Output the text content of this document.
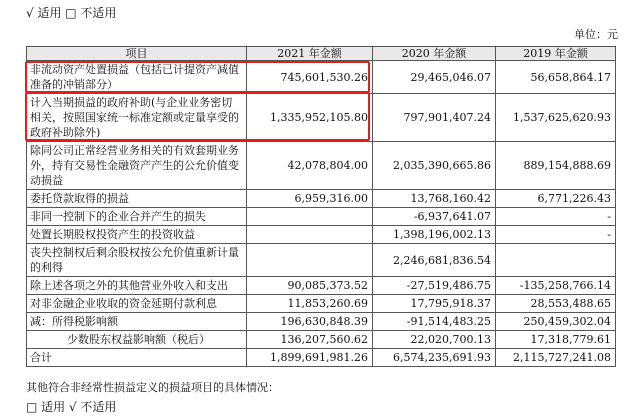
√ 适用 □ 不适用
单位：元
项目	2021 年金额	2020 年金额	2019 年金额
非流动资产处置损益（包括已计提资产减值准备的冲销部分）	745,601,530.26	29,465,046.07	56,658,864.17
计入当期损益的政府补助(与企业业务密切相关，按照国家统一标准定额或定量享受的政府补助除外)	1,335,952,105.80	797,901,407.24	1,537,625,620.93
除同公司正常经营业务相关的有效套期业务外，持有交易性金融资产产生的公允价值变动损益	42,078,804.00	2,035,390,665.86	889,154,888.69
委托贷款取得的损益	6,959,316.00	13,768,160.42	6,771,226.43
非同一控制下的企业合并产生的损失		-6,937,641.07	-
处置长期股权投资产生的投资收益		1,398,196,002.13	-
丧失控制权后剩余股权按公允价值重新计量的利得		2,246,681,836.54	
除上述各项之外的其他营业外收入和支出	90,085,373.52	-27,519,486.75	-135,258,766.14
对非金融企业收取的资金延期付款利息	11,853,260.69	17,795,918.37	28,553,488.65
减：所得税影响额	196,630,848.39	-91,514,483.25	250,459,302.04
少数股东权益影响额（税后）	136,207,560.62	22,020,700.13	17,318,779.61
合计	1,899,691,981.26	6,574,235,691.93	2,115,727,241.08
其他符合非经常性损益定义的损益项目的具体情况：
□ 适用 √ 不适用
